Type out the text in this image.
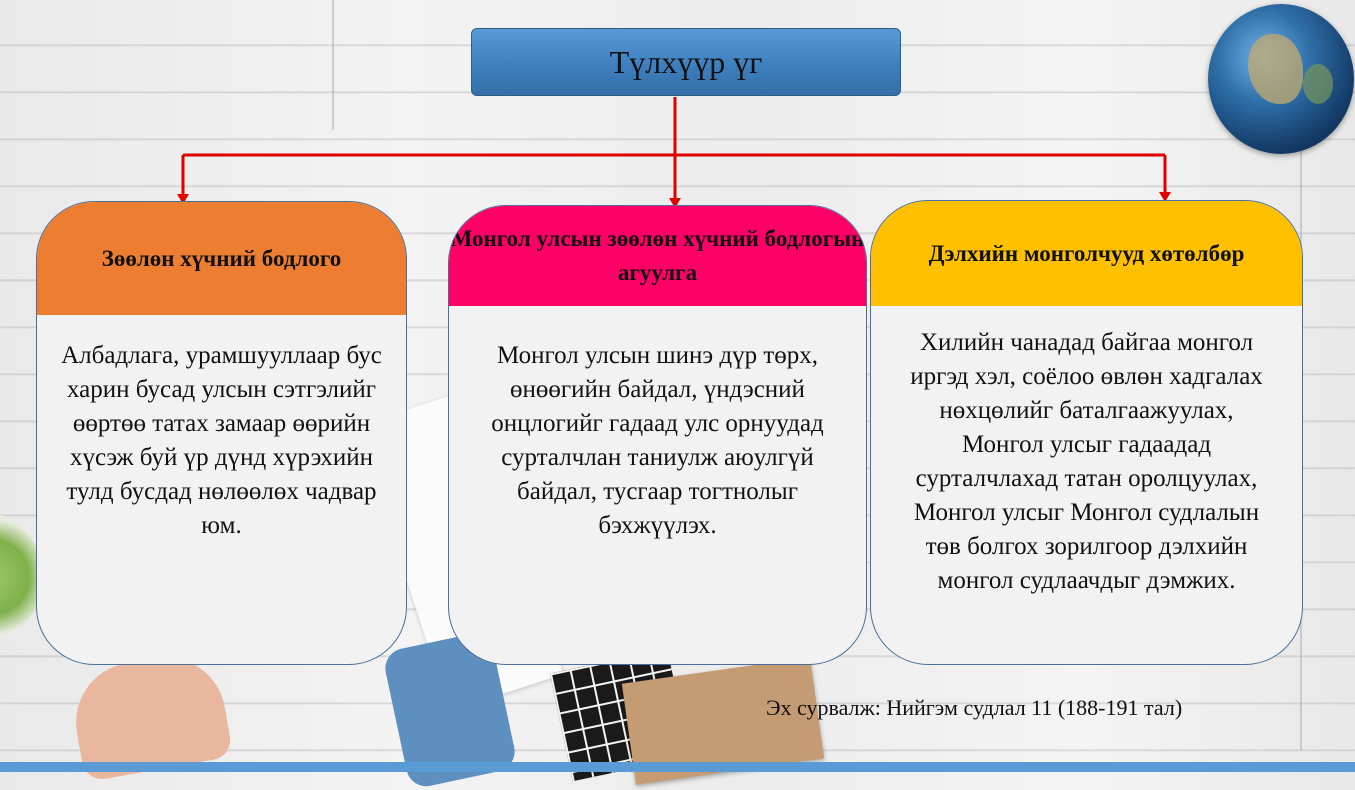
Түлхүүр үг
Зөөлөн хүчний бодлого
Албадлага, урамшууллаар бус харин бусад улсын сэтгэлийг өөртөө татах замаар өөрийн хүсэж буй үр дүнд хүрэхийн тулд бусдад нөлөөлөх чадвар юм.
Монгол улсын зөөлөн хүчний бодлогын агуулга
Монгол улсын шинэ дүр төрх, өнөөгийн байдал, үндэсний онцлогийг гадаад улс орнуудад сурталчлан таниулж аюулгүй байдал, тусгаар тогтнолыг бэхжүүлэх.
Дэлхийн монголчууд хөтөлбөр
Хилийн чанадад байгаа монгол иргэд хэл, соёлоо өвлөн хадгалах нөхцөлийг баталгаажуулах, Монгол улсыг гадаадад сурталчлахад татан оролцуулах, Монгол улсыг Монгол судлалын төв болгох зорилгоор дэлхийн монгол судлаачдыг дэмжих.
Эх сурвалж: Нийгэм судлал 11 (188-191 тал)
